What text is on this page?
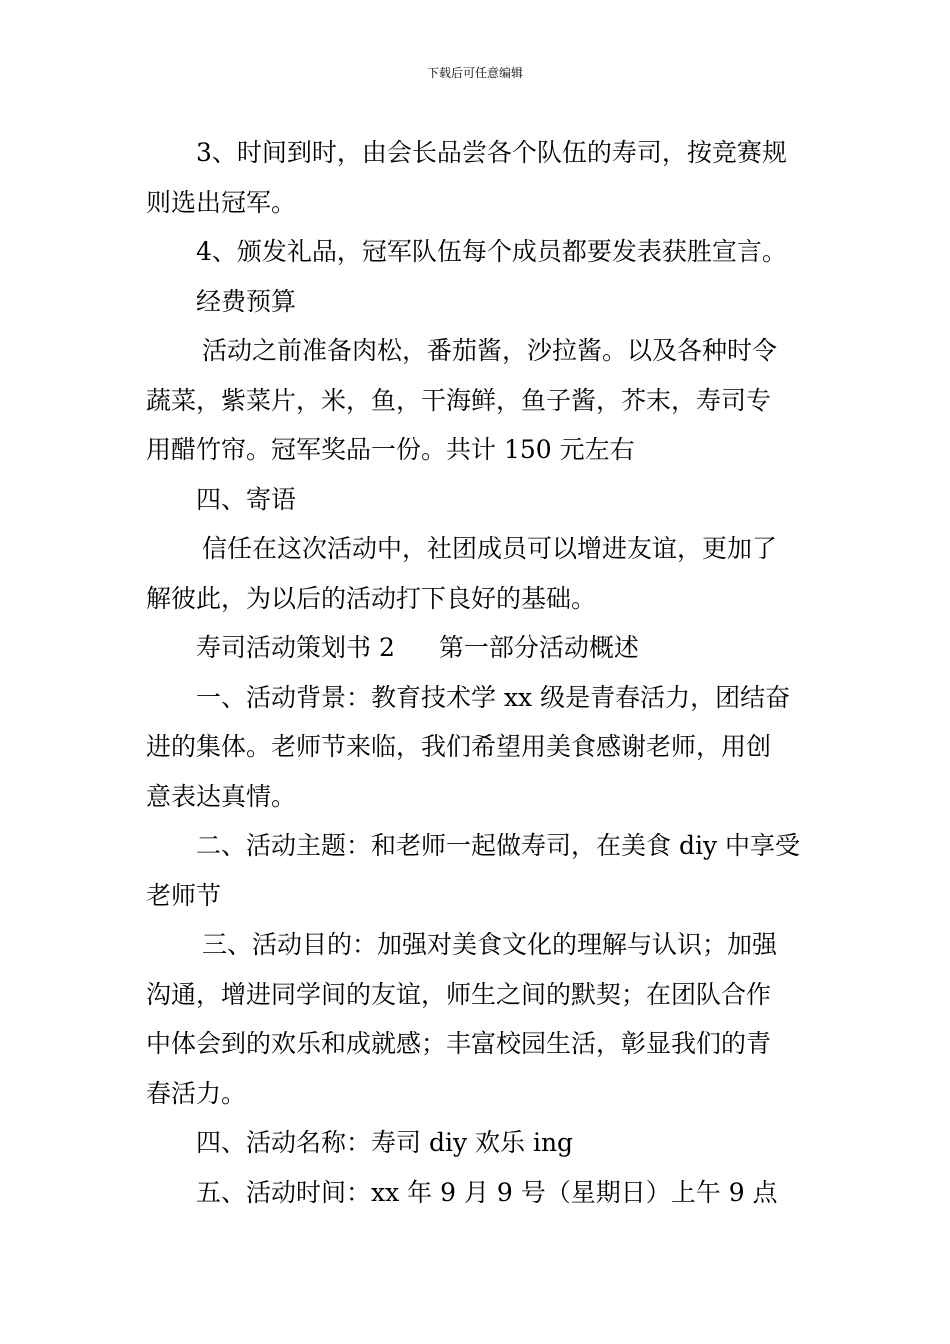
下载后可任意编辑
3、时间到时，由会长品尝各个队伍的寿司，按竞赛规
则选出冠军。
4、颁发礼品，冠军队伍每个成员都要发表获胜宣言。
经费预算
活动之前准备肉松，番茄酱，沙拉酱。以及各种时令
蔬菜，紫菜片，米，鱼，干海鲜，鱼子酱，芥末，寿司专
用醋竹帘。冠军奖品一份。共计 150 元左右
四、寄语
信任在这次活动中，社团成员可以增进友谊，更加了
解彼此，为以后的活动打下良好的基础。
寿司活动策划书 2 第一部分活动概述
一、活动背景：教育技术学 xx 级是青春活力，团结奋
进的集体。老师节来临，我们希望用美食感谢老师，用创
意表达真情。
二、活动主题：和老师一起做寿司，在美食 diy 中享受
老师节
三、活动目的：加强对美食文化的理解与认识；加强
沟通，增进同学间的友谊，师生之间的默契；在团队合作
中体会到的欢乐和成就感；丰富校园生活，彰显我们的青
春活力。
四、活动名称：寿司 diy 欢乐 ing
五、活动时间：xx 年 9 月 9 号（星期日）上午 9 点
